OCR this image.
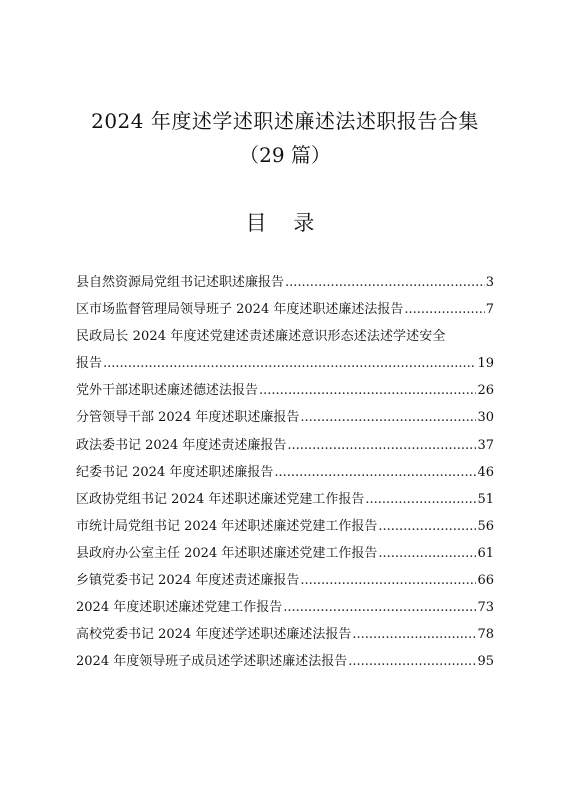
2024 年度述学述职述廉述法述职报告合集
（29 篇）
目 录
县自然资源局党组书记述职述廉报告 .....	3
区市场监督管理局领导班子 2024 年度述职述廉述法报告 .....	7
民政局长 2024 年度述党建述责述廉述意识形态述法述学述安全
报告 .....	19
党外干部述职述廉述德述法报告 .....	26
分管领导干部 2024 年度述职述廉报告 .....	30
政法委书记 2024 年度述责述廉报告 .....	37
纪委书记 2024 年度述职述廉报告 .....	46
区政协党组书记 2024 年述职述廉述党建工作报告 .....	51
市统计局党组书记 2024 年述职述廉述党建工作报告 .....	56
县政府办公室主任 2024 年述职述廉述党建工作报告 .....	61
乡镇党委书记 2024 年度述责述廉报告 .....	66
2024 年度述职述廉述党建工作报告 .....	73
高校党委书记 2024 年度述学述职述廉述法报告 .....	78
2024 年度领导班子成员述学述职述廉述法报告 .....	95
